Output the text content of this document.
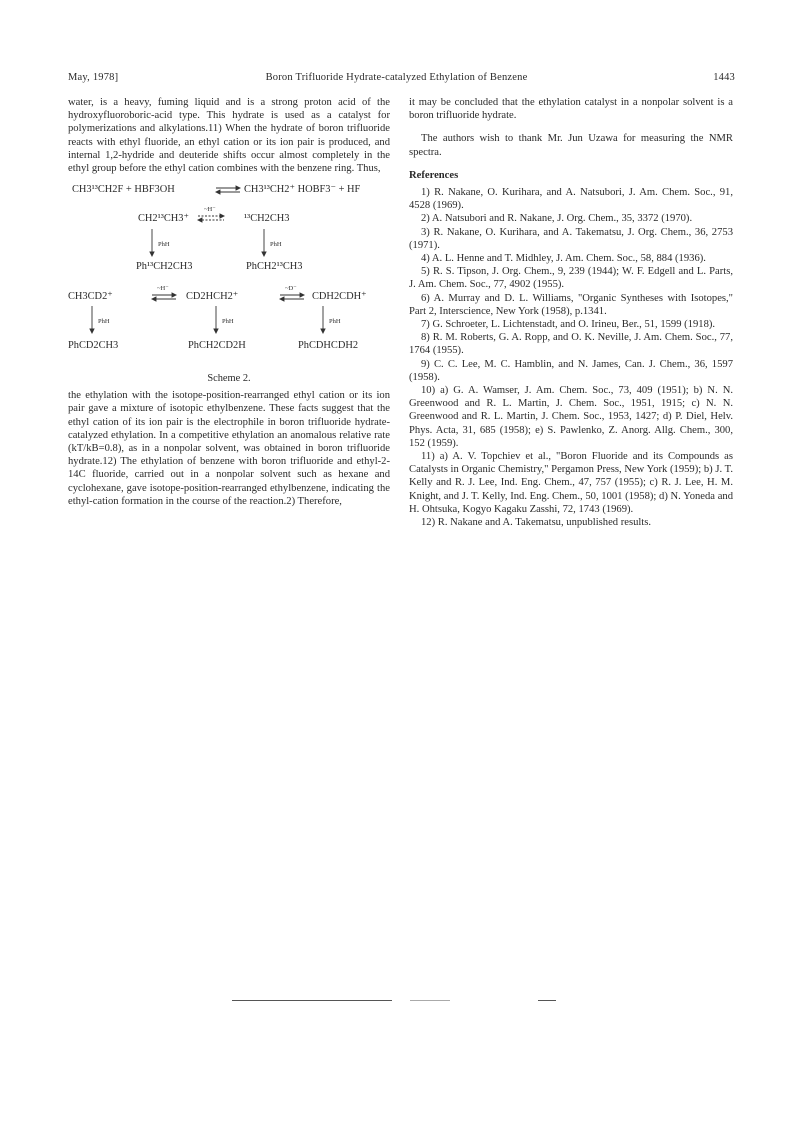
May, 1978]	Boron Trifluoride Hydrate-catalyzed Ethylation of Benzene	1443

water, is a heavy, fuming liquid and is a strong proton acid of the hydroxyfluoroboric-acid type. This hydrate is used as a catalyst for polymerizations and alkylations.11) When the hydrate of boron trifluoride reacts with ethyl fluoride, an ethyl cation or its ion pair is produced, and internal 1,2-hydride and deuteride shifts occur almost completely in the ethyl group before the ethyl cation combines with the benzene ring. Thus,

CH3¹³CH2F + HBF3OH	CH3¹³CH2⁺ HOBF3⁻ + HF
CH2¹³CH3⁺
~H⁻
¹³CH2CH3
PhH	PhH
Ph¹³CH2CH3	PhCH2¹³CH3
CH3CD2⁺
~H⁻
CD2HCH2⁺
~D⁻
CDH2CDH⁺
PhH	PhH	PhH
PhCD2CH3	PhCH2CD2H	PhCDHCDH2
Scheme 2.

the ethylation with the isotope-position-rearranged ethyl cation or its ion pair gave a mixture of isotopic ethylbenzene. These facts suggest that the ethyl cation of its ion pair is the electrophile in boron trifluoride hydrate-catalyzed ethylation. In a competitive ethylation an anomalous relative rate (kT/kB=0.8), as in a nonpolar solvent, was obtained in boron trifluoride hydrate.12) The ethylation of benzene with boron trifluoride and ethyl-2-14C fluoride, carried out in a nonpolar solvent such as hexane and cyclohexane, gave isotope-position-rearranged ethylbenzene, indicating the ethyl-cation formation in the course of the reaction.2) Therefore,

it may be concluded that the ethylation catalyst in a nonpolar solvent is a boron trifluoride hydrate.

The authors wish to thank Mr. Jun Uzawa for measuring the NMR spectra.

References

1) R. Nakane, O. Kurihara, and A. Natsubori, J. Am. Chem. Soc., 91, 4528 (1969).

2) A. Natsubori and R. Nakane, J. Org. Chem., 35, 3372 (1970).

3) R. Nakane, O. Kurihara, and A. Takematsu, J. Org. Chem., 36, 2753 (1971).

4) A. L. Henne and T. Midhley, J. Am. Chem. Soc., 58, 884 (1936).

5) R. S. Tipson, J. Org. Chem., 9, 239 (1944); W. F. Edgell and L. Parts, J. Am. Chem. Soc., 77, 4902 (1955).

6) A. Murray and D. L. Williams, "Organic Syntheses with Isotopes," Part 2, Interscience, New York (1958), p.1341.

7) G. Schroeter, L. Lichtenstadt, and O. Irineu, Ber., 51, 1599 (1918).

8) R. M. Roberts, G. A. Ropp, and O. K. Neville, J. Am. Chem. Soc., 77, 1764 (1955).

9) C. C. Lee, M. C. Hamblin, and N. James, Can. J. Chem., 36, 1597 (1958).

10) a) G. A. Wamser, J. Am. Chem. Soc., 73, 409 (1951); b) N. N. Greenwood and R. L. Martin, J. Chem. Soc., 1951, 1915; c) N. N. Greenwood and R. L. Martin, J. Chem. Soc., 1953, 1427; d) P. Diel, Helv. Phys. Acta, 31, 685 (1958); e) S. Pawlenko, Z. Anorg. Allg. Chem., 300, 152 (1959).

11) a) A. V. Topchiev et al., "Boron Fluoride and its Compounds as Catalysts in Organic Chemistry," Pergamon Press, New York (1959); b) J. T. Kelly and R. J. Lee, Ind. Eng. Chem., 47, 757 (1955); c) R. J. Lee, H. M. Knight, and J. T. Kelly, Ind. Eng. Chem., 50, 1001 (1958); d) N. Yoneda and H. Ohtsuka, Kogyo Kagaku Zasshi, 72, 1743 (1969).

12) R. Nakane and A. Takematsu, unpublished results.
